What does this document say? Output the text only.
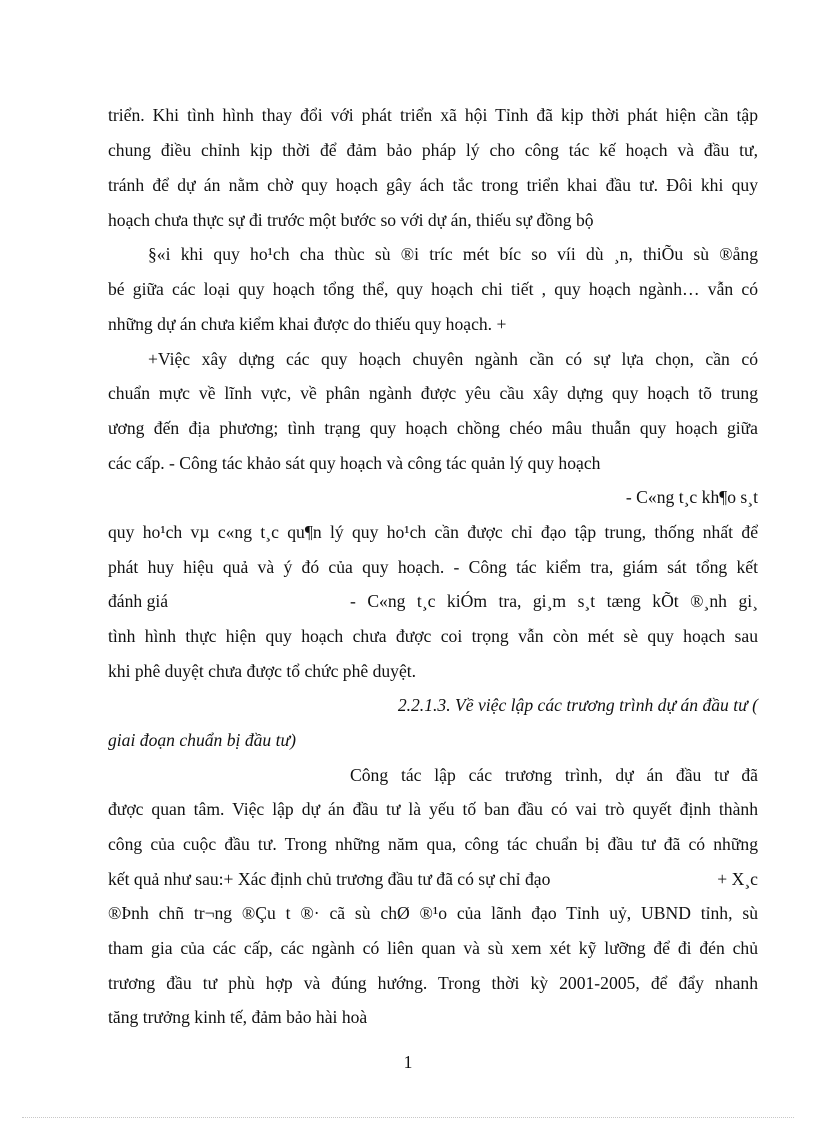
triển. Khi tình hình thay đổi với phát triển xã hội Tỉnh đã kịp thời phát hiện cần tập
chung điều chỉnh kịp thời để đảm bảo pháp lý cho công tác kế hoạch và đầu tư,
tránh để dự án nằm chờ quy hoạch gây ách tắc trong triển khai đầu tư. Đôi khi quy
hoạch chưa thực sự đi trước một bước so với dự án, thiếu sự đồng bộ
§«i khi quy ho¹ch cha thùc sù ®i tríc mét bíc so víi dù ¸n, thiÕu sù ®ång
bé giữa các loại quy hoạch tổng thể, quy hoạch chi tiết , quy hoạch ngành… vẫn có
những dự án chưa kiểm khai được do thiếu quy hoạch. +
+Việc xây dựng các quy hoạch chuyên ngành cần có sự lựa chọn, cần có
chuẩn mực về lĩnh vực, về phân ngành được yêu cầu xây dựng quy hoạch tõ trung
ương đến địa phương; tình trạng quy hoạch chồng chéo mâu thuẫn quy hoạch giữa
các cấp. - Công tác khảo sát quy hoạch và công tác quản lý quy hoạch
- C«ng t¸c kh¶o s¸t
quy ho¹ch vµ c«ng t¸c qu¶n lý quy ho¹ch cần được chỉ đạo tập trung, thống nhất để
phát huy hiệu quả và ý đó của quy hoạch. - Công tác kiểm tra, giám sát tổng kết
đánh giá	- C«ng t¸c kiÓm tra, gi¸m s¸t tæng kÕt ®¸nh gi¸
tình hình thực hiện quy hoạch chưa được coi trọng vẫn còn mét sè quy hoạch sau
khi phê duyệt chưa được tổ chức phê duyệt.
2.2.1.3. Về việc lập các trương trình dự án đầu tư (
giai đoạn chuẩn bị đầu tư)
Công tác lập các trương trình, dự án đầu tư đã
được quan tâm. Việc lập dự án đầu tư là yếu tố ban đầu có vai trò quyết định thành
công của cuộc đầu tư. Trong những năm qua, công tác chuẩn bị đầu tư đã có những
kết quả như sau:+ Xác định chủ trương đầu tư đã có sự chỉ đạo	+ X¸c
®Þnh chñ tr¬ng ®Çu t ®· cã sù chØ ®¹o của lãnh đạo Tỉnh uỷ, UBND tỉnh, sù
tham gia của các cấp, các ngành có liên quan và sù xem xét kỹ lưỡng để đi đén chủ
trương đầu tư phù hợp và đúng hướng. Trong thời kỳ 2001-2005, để đẩy nhanh
tăng trưởng kinh tế, đảm bảo hài hoà
1
